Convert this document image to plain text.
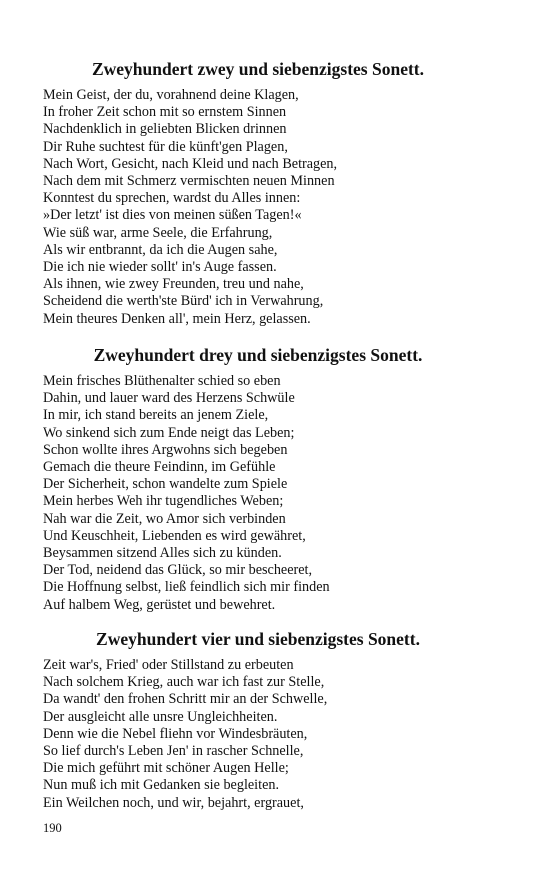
Zweyhundert zwey und siebenzigstes Sonett.
Mein Geist, der du, vorahnend deine Klagen,
In froher Zeit schon mit so ernstem Sinnen
Nachdenklich in geliebten Blicken drinnen
Dir Ruhe suchtest für die künft'gen Plagen,
Nach Wort, Gesicht, nach Kleid und nach Betragen,
Nach dem mit Schmerz vermischten neuen Minnen
Konntest du sprechen, wardst du Alles innen:
»Der letzt' ist dies von meinen süßen Tagen!«
Wie süß war, arme Seele, die Erfahrung,
Als wir entbrannt, da ich die Augen sahe,
Die ich nie wieder sollt' in's Auge fassen.
Als ihnen, wie zwey Freunden, treu und nahe,
Scheidend die werth'ste Bürd' ich in Verwahrung,
Mein theures Denken all', mein Herz, gelassen.
Zweyhundert drey und siebenzigstes Sonett.
Mein frisches Blüthenalter schied so eben
Dahin, und lauer ward des Herzens Schwüle
In mir, ich stand bereits an jenem Ziele,
Wo sinkend sich zum Ende neigt das Leben;
Schon wollte ihres Argwohns sich begeben
Gemach die theure Feindinn, im Gefühle
Der Sicherheit, schon wandelte zum Spiele
Mein herbes Weh ihr tugendliches Weben;
Nah war die Zeit, wo Amor sich verbinden
Und Keuschheit, Liebenden es wird gewähret,
Beysammen sitzend Alles sich zu künden.
Der Tod, neidend das Glück, so mir bescheeret,
Die Hoffnung selbst, ließ feindlich sich mir finden
Auf halbem Weg, gerüstet und bewehret.
Zweyhundert vier und siebenzigstes Sonett.
Zeit war's, Fried' oder Stillstand zu erbeuten
Nach solchem Krieg, auch war ich fast zur Stelle,
Da wandt' den frohen Schritt mir an der Schwelle,
Der ausgleicht alle unsre Ungleichheiten.
Denn wie die Nebel fliehn vor Windesbräuten,
So lief durch's Leben Jen' in rascher Schnelle,
Die mich geführt mit schöner Augen Helle;
Nun muß ich mit Gedanken sie begleiten.
Ein Weilchen noch, und wir, bejahrt, ergrauet,
190
